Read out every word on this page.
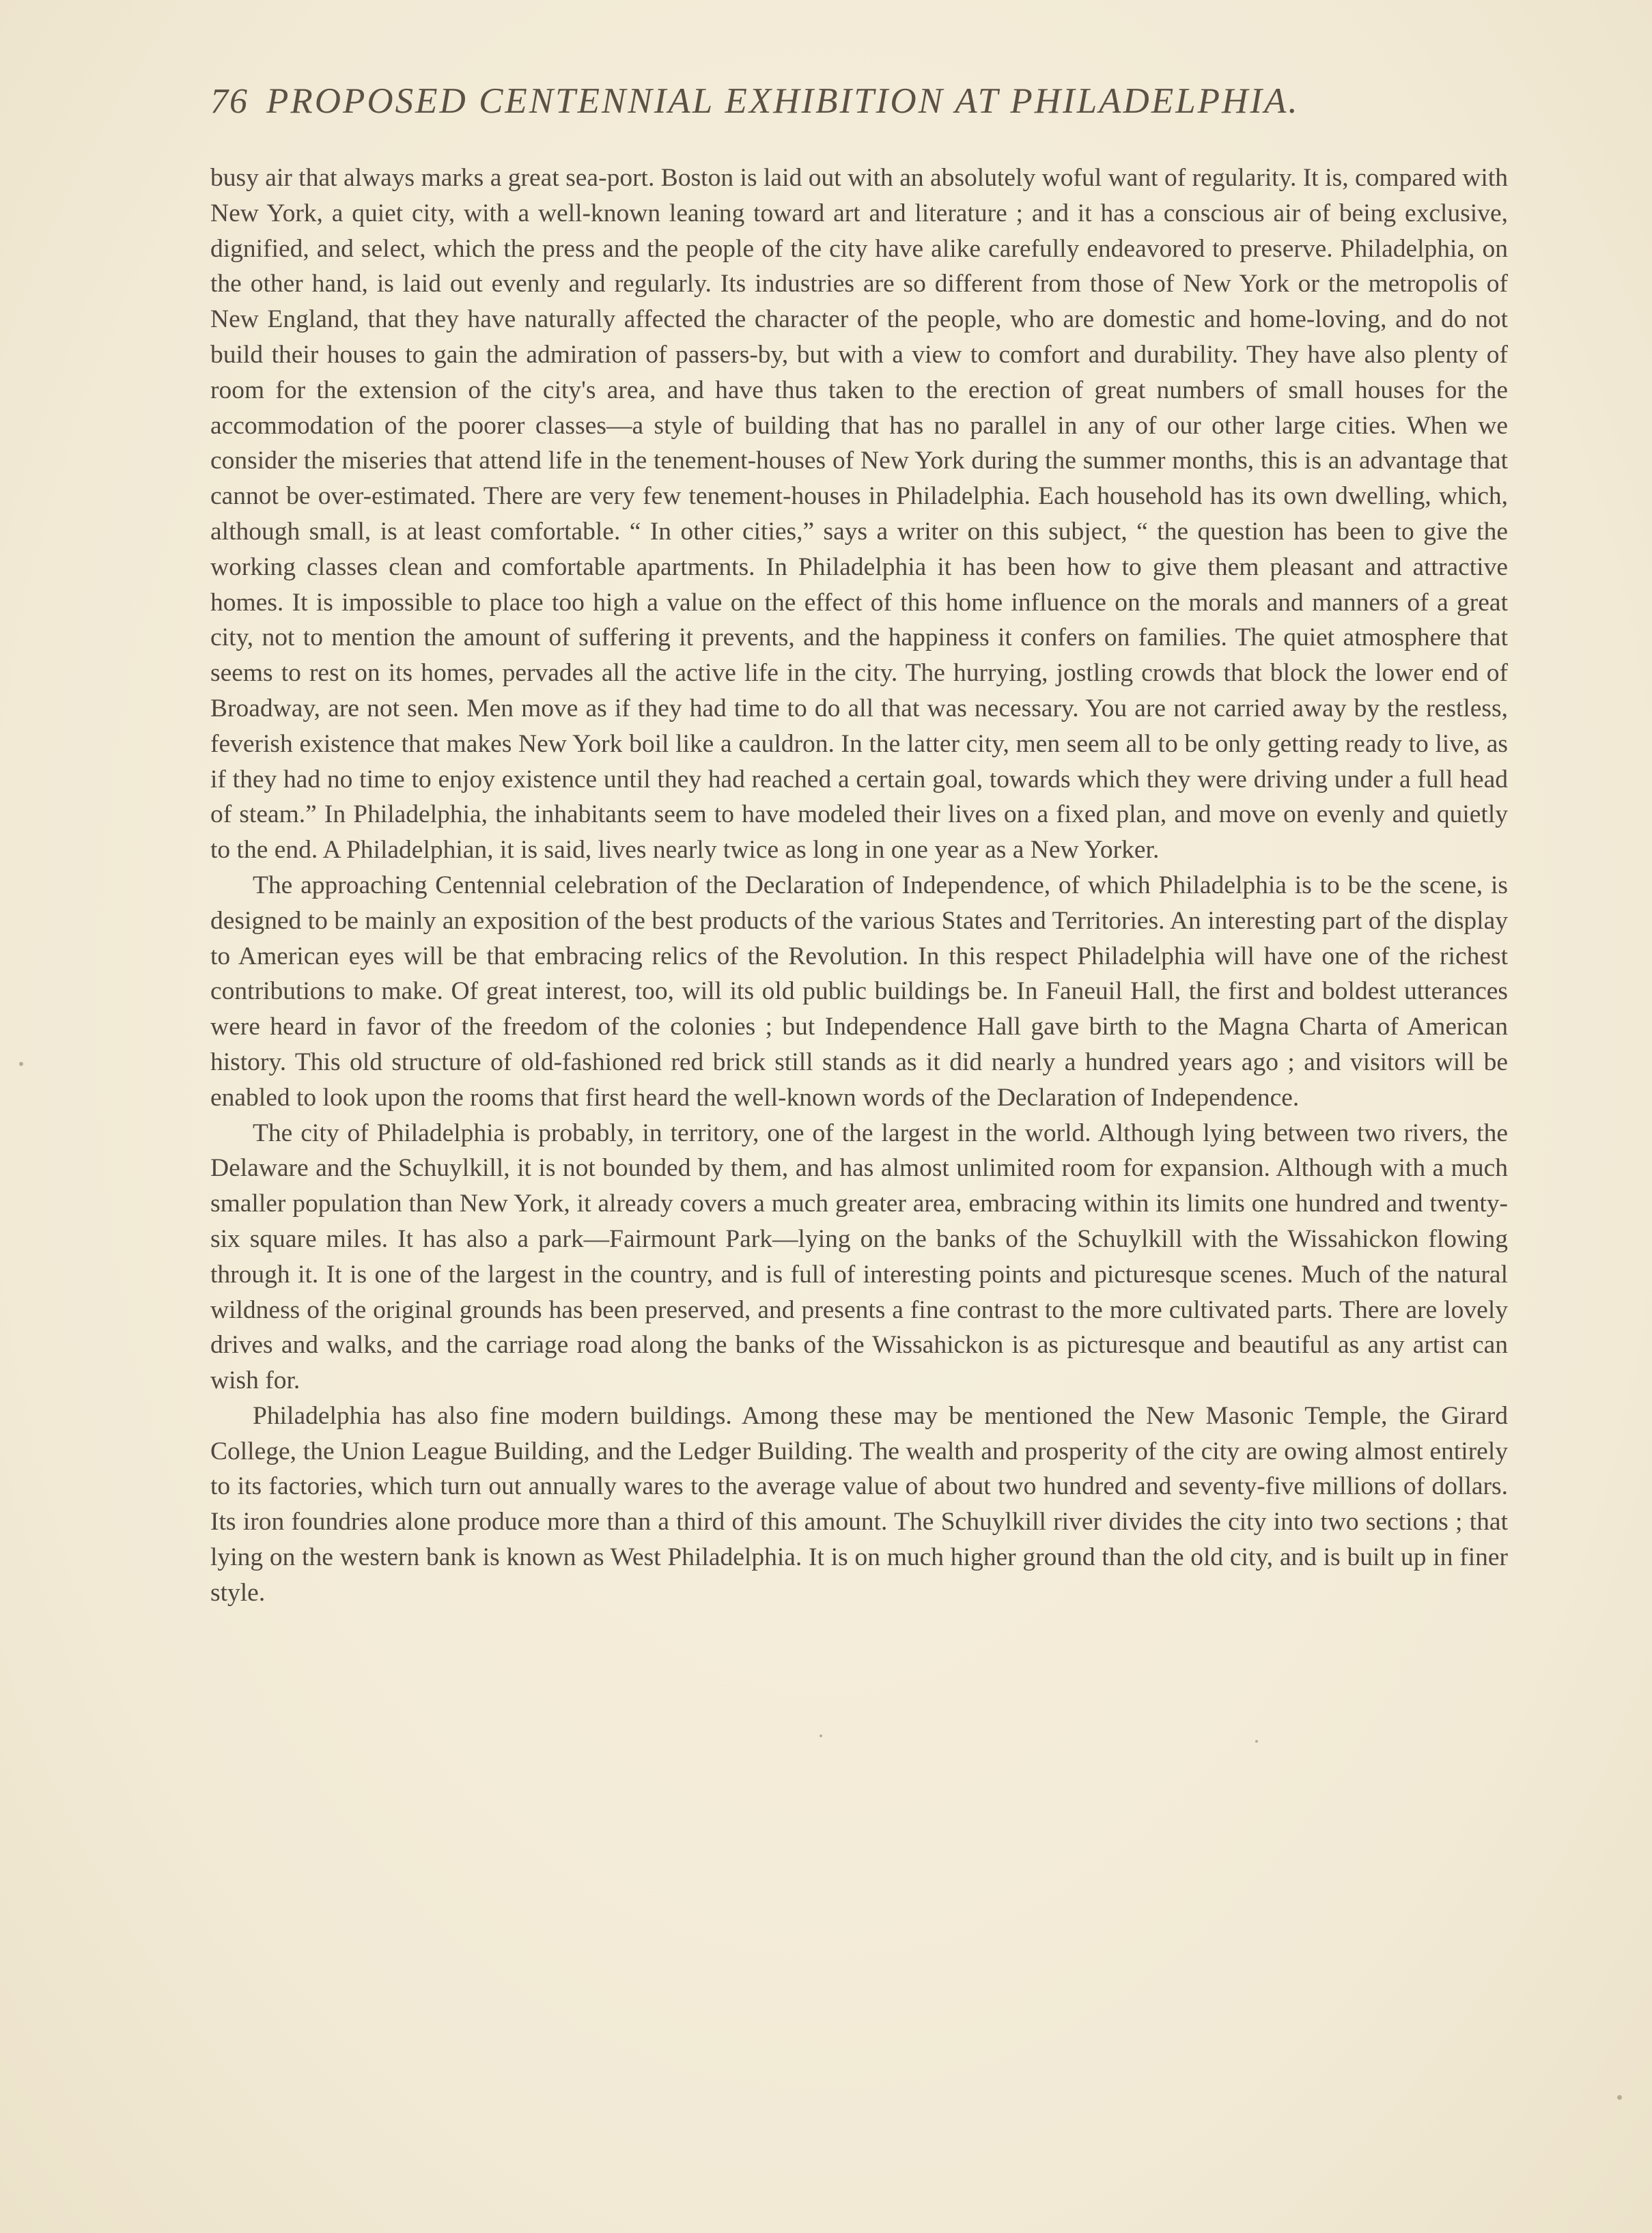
76 PROPOSED CENTENNIAL EXHIBITION AT PHILADELPHIA.

busy air that always marks a great sea-port. Boston is laid out with an absolutely woful want of regularity. It is, compared with New York, a quiet city, with a well-known leaning toward art and literature ; and it has a conscious air of being exclusive, dignified, and select, which the press and the people of the city have alike carefully endeavored to preserve. Philadelphia, on the other hand, is laid out evenly and regularly. Its industries are so different from those of New York or the metropolis of New England, that they have naturally affected the character of the people, who are domestic and home-loving, and do not build their houses to gain the admiration of passers-by, but with a view to comfort and durability. They have also plenty of room for the extension of the city's area, and have thus taken to the erection of great numbers of small houses for the accommodation of the poorer classes—a style of building that has no parallel in any of our other large cities. When we consider the miseries that attend life in the tenement-houses of New York during the summer months, this is an advantage that cannot be over-estimated. There are very few tenement-houses in Philadelphia. Each household has its own dwelling, which, although small, is at least comfortable. “ In other cities,” says a writer on this subject, “ the question has been to give the working classes clean and comfortable apartments. In Philadelphia it has been how to give them pleasant and attractive homes. It is impossible to place too high a value on the effect of this home influence on the morals and manners of a great city, not to mention the amount of suffering it prevents, and the happiness it confers on families. The quiet atmosphere that seems to rest on its homes, pervades all the active life in the city. The hurrying, jostling crowds that block the lower end of Broadway, are not seen. Men move as if they had time to do all that was necessary. You are not carried away by the restless, feverish existence that makes New York boil like a cauldron. In the latter city, men seem all to be only getting ready to live, as if they had no time to enjoy existence until they had reached a certain goal, towards which they were driving under a full head of steam.” In Philadelphia, the inhabitants seem to have modeled their lives on a fixed plan, and move on evenly and quietly to the end. A Philadelphian, it is said, lives nearly twice as long in one year as a New Yorker.

The approaching Centennial celebration of the Declaration of Independence, of which Philadelphia is to be the scene, is designed to be mainly an exposition of the best products of the various States and Territories. An interesting part of the display to American eyes will be that embracing relics of the Revolution. In this respect Philadelphia will have one of the richest contributions to make. Of great interest, too, will its old public buildings be. In Faneuil Hall, the first and boldest utterances were heard in favor of the freedom of the colonies ; but Independence Hall gave birth to the Magna Charta of American history. This old structure of old-fashioned red brick still stands as it did nearly a hundred years ago ; and visitors will be enabled to look upon the rooms that first heard the well-known words of the Declaration of Independence.

The city of Philadelphia is probably, in territory, one of the largest in the world. Although lying between two rivers, the Delaware and the Schuylkill, it is not bounded by them, and has almost unlimited room for expansion. Although with a much smaller population than New York, it already covers a much greater area, embracing within its limits one hundred and twenty-six square miles. It has also a park—Fairmount Park—lying on the banks of the Schuylkill with the Wissahickon flowing through it. It is one of the largest in the country, and is full of interesting points and picturesque scenes. Much of the natural wildness of the original grounds has been preserved, and presents a fine contrast to the more cultivated parts. There are lovely drives and walks, and the carriage road along the banks of the Wissahickon is as picturesque and beautiful as any artist can wish for.

Philadelphia has also fine modern buildings. Among these may be mentioned the New Masonic Temple, the Girard College, the Union League Building, and the Ledger Building. The wealth and prosperity of the city are owing almost entirely to its factories, which turn out annually wares to the average value of about two hundred and seventy-five millions of dollars. Its iron foundries alone produce more than a third of this amount. The Schuylkill river divides the city into two sections ; that lying on the western bank is known as West Philadelphia. It is on much higher ground than the old city, and is built up in finer style.
